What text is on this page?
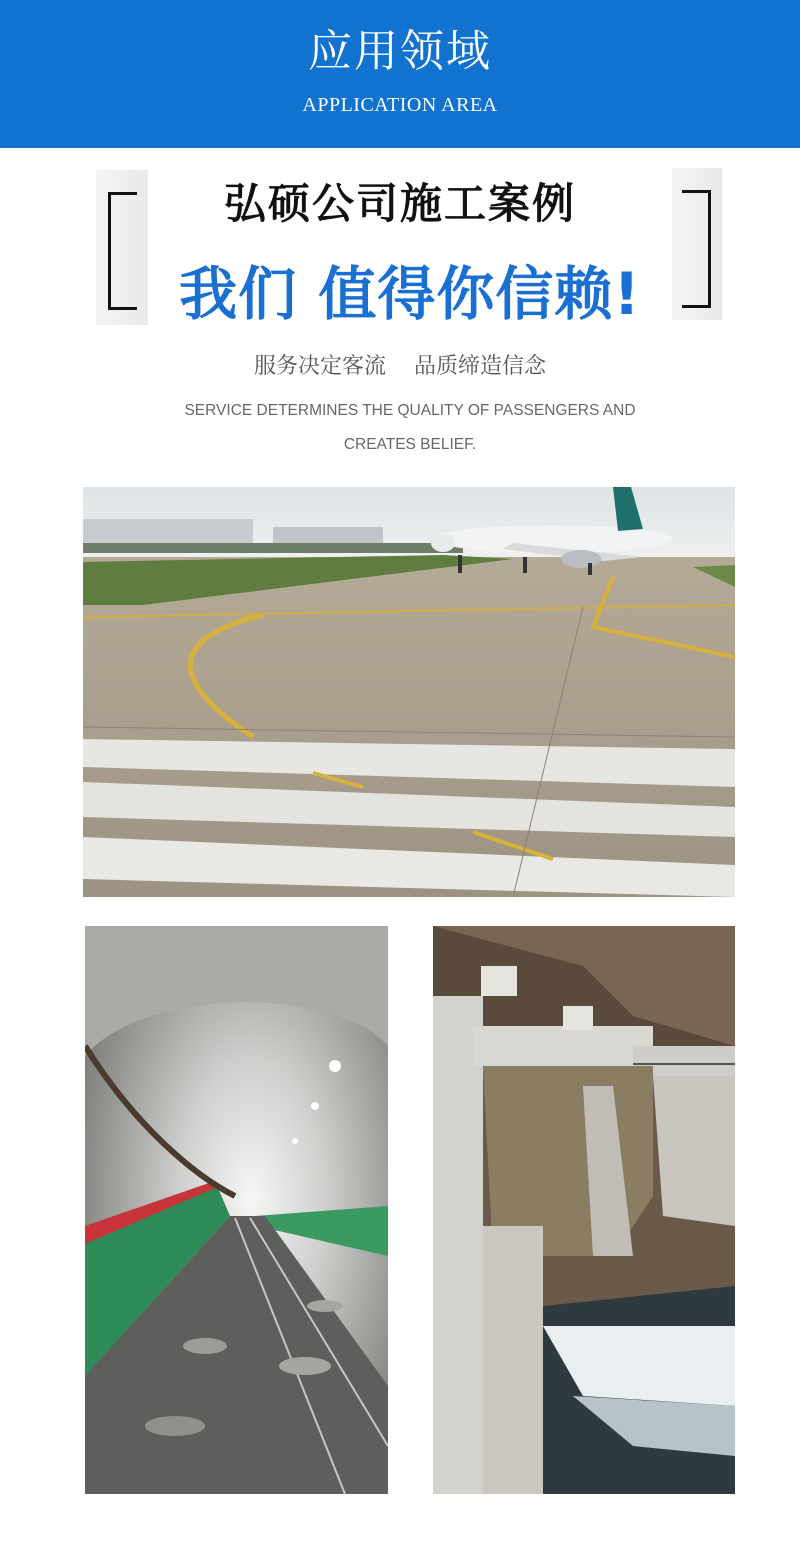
应用领域
APPLICATION AREA
弘硕公司施工案例
我们 值得你信赖!
服务决定客流 品质缔造信念
SERVICE DETERMINES THE QUALITY OF PASSENGERS AND CREATES BELIEF.
